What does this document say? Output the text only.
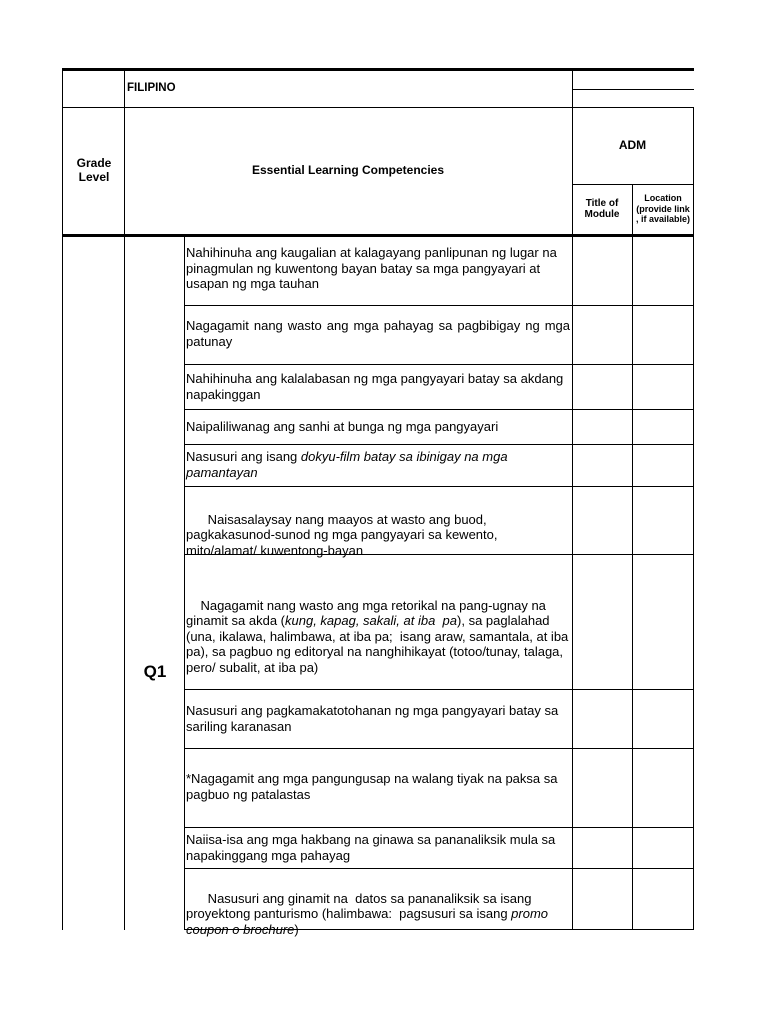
FILIPINO
Grade Level	Essential Learning Competencies
ADM
Title of Module
Location (provide link , if available)
Q1
Nahihinuha ang kaugalian at kalagayang panlipunan ng lugar na pinagmulan ng kuwentong bayan batay sa mga pangyayari at usapan ng mga tauhan
Nagagamit nang wasto ang mga pahayag sa pagbibigay ng mga patunay
Nahihinuha ang kalalabasan ng mga pangyayari batay sa akdang napakinggan
Naipaliliwanag ang sanhi at bunga ng mga pangyayari
Nasusuri ang isang dokyu-film batay sa ibinigay na mga pamantayan

Naisasalaysay nang maayos at wasto ang buod, pagkakasunod-sunod ng mga pangyayari sa kewento, mito/alamat/ kuwentong-bayan

Nagagamit nang wasto ang mga retorikal na pang-ugnay na ginamit sa akda (kung, kapag, sakali, at iba  pa), sa paglalahad (una, ikalawa, halimbawa, at iba pa;  isang araw, samantala, at iba pa), sa pagbuo ng editoryal na nanghihikayat (totoo/tunay, talaga, pero/ subalit, at iba pa)

Nasusuri ang pagkamakatotohanan ng mga pangyayari batay sa sariling karanasan
*Nagagamit ang mga pangungusap na walang tiyak na paksa sa pagbuo ng patalastas
Naiisa-isa ang mga hakbang na ginawa sa pananaliksik mula sa napakinggang mga pahayag

Nasusuri ang ginamit na  datos sa pananaliksik sa isang proyektong panturismo (halimbawa:  pagsusuri sa isang promo coupon o brochure)
